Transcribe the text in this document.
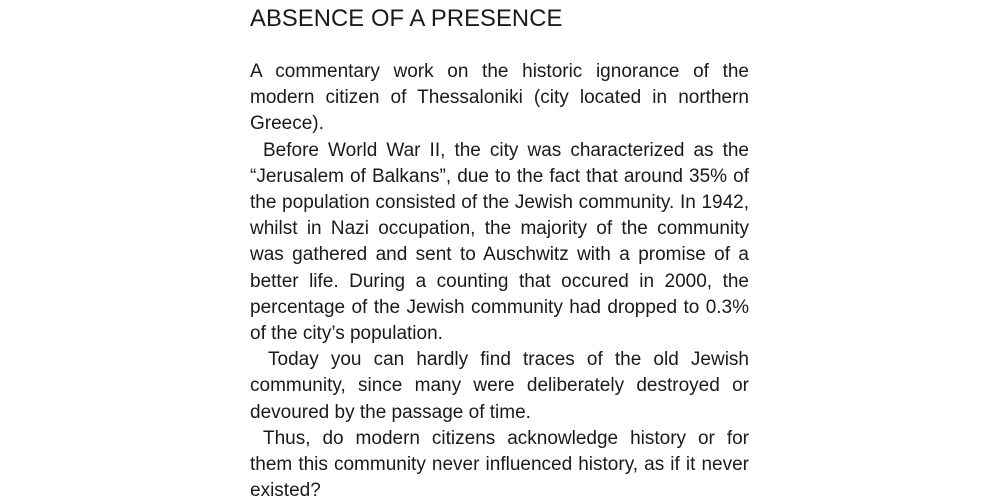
ABSENCE OF A PRESENCE

A commentary work on the historic ignorance of the modern citizen of Thessaloniki (city located in northern Greece).

Before World War II, the city was characterized as the “Jerusalem of Balkans”, due to the fact that around 35% of the population consisted of the Jewish community. In 1942, whilst in Nazi occupation, the majority of the community was gathered and sent to Auschwitz with a promise of a better life. During a counting that occured in 2000, the percentage of the Jewish community had dropped to 0.3% of the city’s population.

Today you can hardly find traces of the old Jewish community, since many were deliberately destroyed or devoured by the passage of time.

Thus, do modern citizens acknowledge history or for them this community never influenced history, as if it never existed?
